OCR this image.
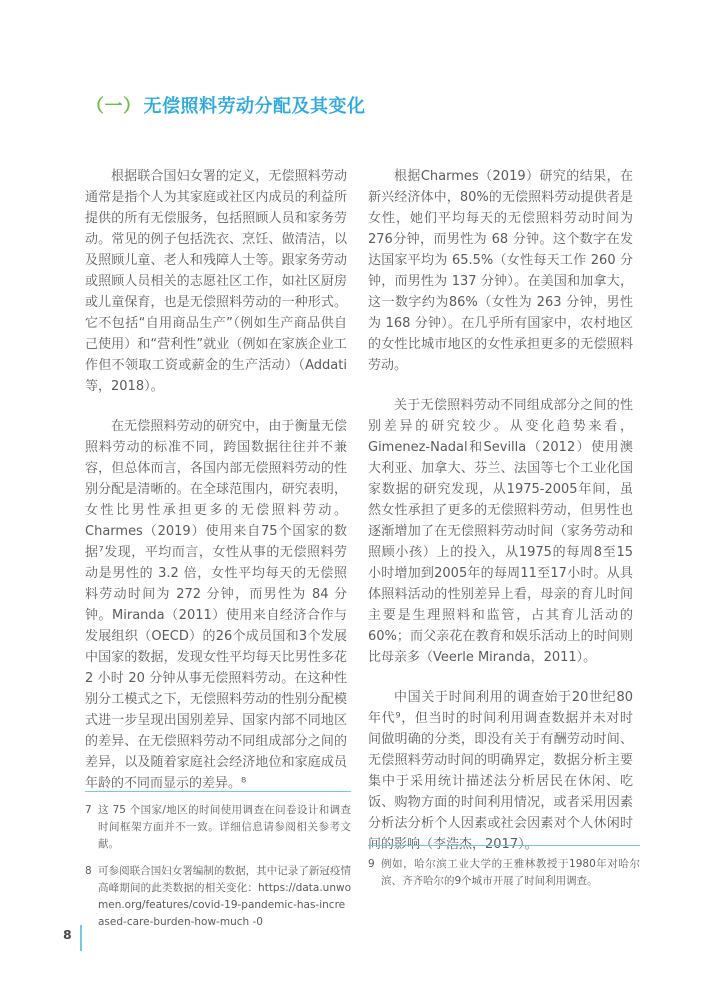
（一） 无偿照料劳动分配及其变化

根据联合国妇女署的定义，无偿照料劳动通常是指个人为其家庭或社区内成员的利益所提供的所有无偿服务，包括照顾人员和家务劳动。常见的例子包括洗衣、烹饪、做清洁，以及照顾儿童、老人和残障人士等。跟家务劳动或照顾人员相关的志愿社区工作，如社区厨房或儿童保育，也是无偿照料劳动的一种形式。它不包括“自用商品生产”（例如生产商品供自己使用）和“营利性”就业（例如在家族企业工作但不领取工资或薪金的生产活动）（Addati等，2018）。

在无偿照料劳动的研究中，由于衡量无偿照料劳动的标准不同，跨国数据往往并不兼容，但总体而言，各国内部无偿照料劳动的性别分配是清晰的。在全球范围内，研究表明，女性比男性承担更多的无偿照料劳动。Charmes（2019）使用来自75个国家的数据⁷发现，平均而言，女性从事的无偿照料劳动是男性的 3.2 倍，女性平均每天的无偿照料劳动时间为 272 分钟，而男性为 84 分钟。Miranda（2011）使用来自经济合作与发展组织（OECD）的26个成员国和3个发展中国家的数据，发现女性平均每天比男性多花 2 小时 20 分钟从事无偿照料劳动。在这种性别分工模式之下，无偿照料劳动的性别分配模式进一步呈现出国别差异、国家内部不同地区的差异、在无偿照料劳动不同组成部分之间的差异，以及随着家庭社会经济地位和家庭成员年龄的不同而显示的差异。⁸

根据Charmes（2019）研究的结果，在新兴经济体中，80%的无偿照料劳动提供者是女性，她们平均每天的无偿照料劳动时间为276分钟，而男性为 68 分钟。这个数字在发达国家平均为 65.5%（女性每天工作 260 分钟，而男性为 137 分钟）。在美国和加拿大，这一数字约为86%（女性为 263 分钟，男性为 168 分钟）。在几乎所有国家中，农村地区的女性比城市地区的女性承担更多的无偿照料劳动。

关于无偿照料劳动不同组成部分之间的性别差异的研究较少。从变化趋势来看，Gimenez-Nadal和Sevilla（2012）使用澳大利亚、加拿大、芬兰、法国等七个工业化国家数据的研究发现，从1975-2005年间，虽然女性承担了更多的无偿照料劳动，但男性也逐渐增加了在无偿照料劳动时间（家务劳动和照顾小孩）上的投入，从1975的每周8至15小时增加到2005年的每周11至17小时。从具体照料活动的性别差异上看，母亲的育儿时间主要是生理照料和监管，占其育儿活动的60%；而父亲花在教育和娱乐活动上的时间则比母亲多（Veerle Miranda，2011）。

中国关于时间利用的调查始于20世纪80年代⁹，但当时的时间利用调查数据并未对时间做明确的分类，即没有关于有酬劳动时间、无偿照料劳动时间的明确界定，数据分析主要集中于采用统计描述法分析居民在休闲、吃饭、购物方面的时间利用情况，或者采用因素分析法分析个人因素或社会因素对个人休闲时间的影响（李浩杰，2017）。

7 这 75 个国家/地区的时间使用调查在问卷设计和调查时间框架方面并不一致。详细信息请参阅相关参考文献。
8 可参阅联合国妇女署编制的数据，其中记录了新冠疫情高峰期间的此类数据的相关变化：https://data.unwomen.org/features/covid-19-pandemic-has-increased-care-burden-how-much -0
9 例如，哈尔滨工业大学的王雅林教授于1980年对哈尔滨、齐齐哈尔的9个城市开展了时间利用调查。
8
